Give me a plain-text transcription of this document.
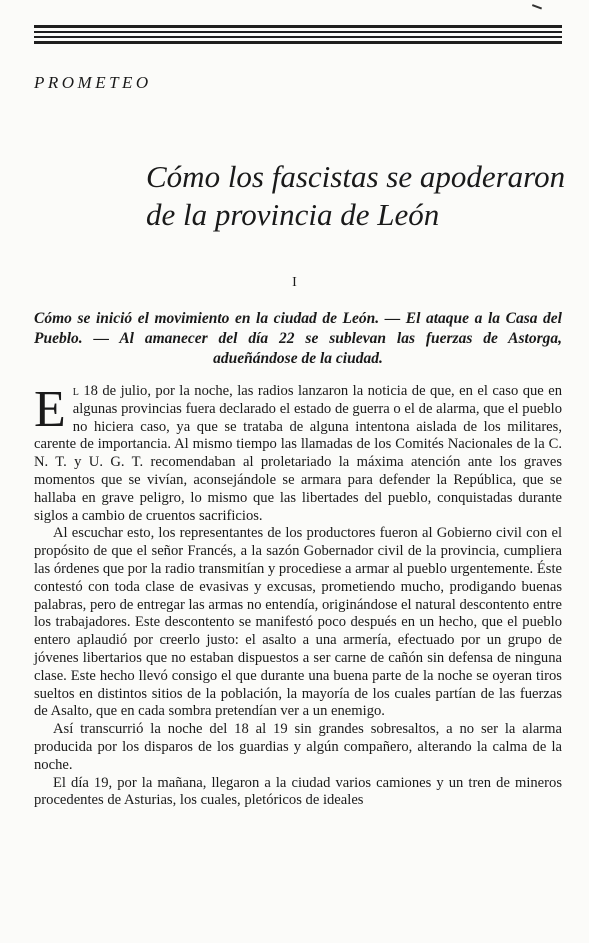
PROMETEO
Cómo los fascistas se apoderaron
de la provincia de León
I
Cómo se inició el movimiento en la ciudad de León. — El ataque a la Casa del Pueblo. — Al amanecer del día 22 se sublevan las fuerzas de Astorga, adueñándose de la ciudad.

El 18 de julio, por la noche, las radios lanzaron la noticia de que, en el caso que en algunas provincias fuera declarado el estado de guerra o el de alarma, que el pueblo no hiciera caso, ya que se trataba de alguna intentona aislada de los militares, carente de importancia. Al mismo tiempo las llamadas de los Comités Nacionales de la C. N. T. y U. G. T. recomendaban al proletariado la máxima atención ante los graves momentos que se vivían, aconsejándole se armara para defender la República, que se hallaba en grave peligro, lo mismo que las libertades del pueblo, conquistadas durante siglos a cambio de cruentos sacrificios.

Al escuchar esto, los representantes de los productores fueron al Gobierno civil con el propósito de que el señor Francés, a la sazón Gobernador civil de la provincia, cumpliera las órdenes que por la radio transmitían y procediese a armar al pueblo urgentemente. Éste contestó con toda clase de evasivas y excusas, prometiendo mucho, prodigando buenas palabras, pero de entregar las armas no entendía, originándose el natural descontento entre los trabajadores. Este descontento se manifestó poco después en un hecho, que el pueblo entero aplaudió por creerlo justo: el asalto a una armería, efectuado por un grupo de jóvenes libertarios que no estaban dispuestos a ser carne de cañón sin defensa de ninguna clase. Este hecho llevó consigo el que durante una buena parte de la noche se oyeran tiros sueltos en distintos sitios de la población, la mayoría de los cuales partían de las fuerzas de Asalto, que en cada sombra pretendían ver a un enemigo.

Así transcurrió la noche del 18 al 19 sin grandes sobresaltos, a no ser la alarma producida por los disparos de los guardias y algún compañero, alterando la calma de la noche.

El día 19, por la mañana, llegaron a la ciudad varios camiones y un tren de mineros procedentes de Asturias, los cuales, pletóricos de ideales
